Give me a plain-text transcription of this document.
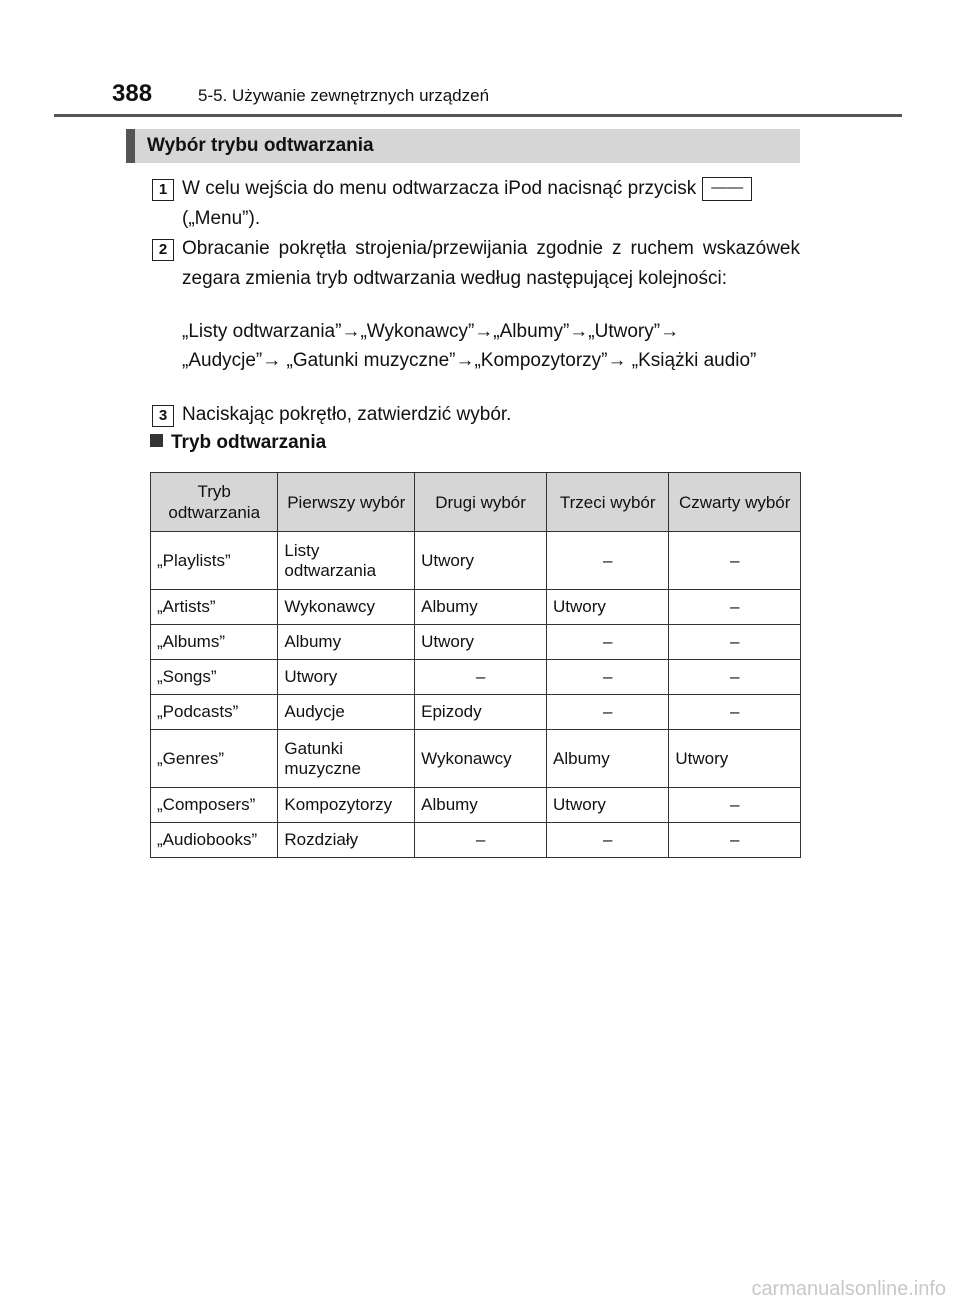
388	5-5. Używanie zewnętrznych urządzeń
Wybór trybu odtwarzania
1 W celu wejścia do menu odtwarzacza iPod nacisnąć przycisk ——
(„Menu”).
2 Obracanie pokrętła strojenia/przewijania zgodnie z ruchem wskazówek zegara zmienia tryb odtwarzania według następującej kolejności:
„Listy odtwarzania”→„Wykonawcy”→„Albumy”→„Utwory”→ „Audycje”→ „Gatunki muzyczne”→„Kompozytorzy”→ „Książki audio”
3 Naciskając pokrętło, zatwierdzić wybór.
Tryb odtwarzania
Tryb odtwarzania	Pierwszy wybór	Drugi wybór	Trzeci wybór	Czwarty wybór
„Playlists”	Listy odtwarzania	Utwory	–	–
„Artists”	Wykonawcy	Albumy	Utwory	–
„Albums”	Albumy	Utwory	–	–
„Songs”	Utwory	–	–	–
„Podcasts”	Audycje	Epizody	–	–
„Genres”	Gatunki muzyczne	Wykonawcy	Albumy	Utwory
„Composers”	Kompozytorzy	Albumy	Utwory	–
„Audiobooks”	Rozdziały	–	–	–
carmanualsonline.info
